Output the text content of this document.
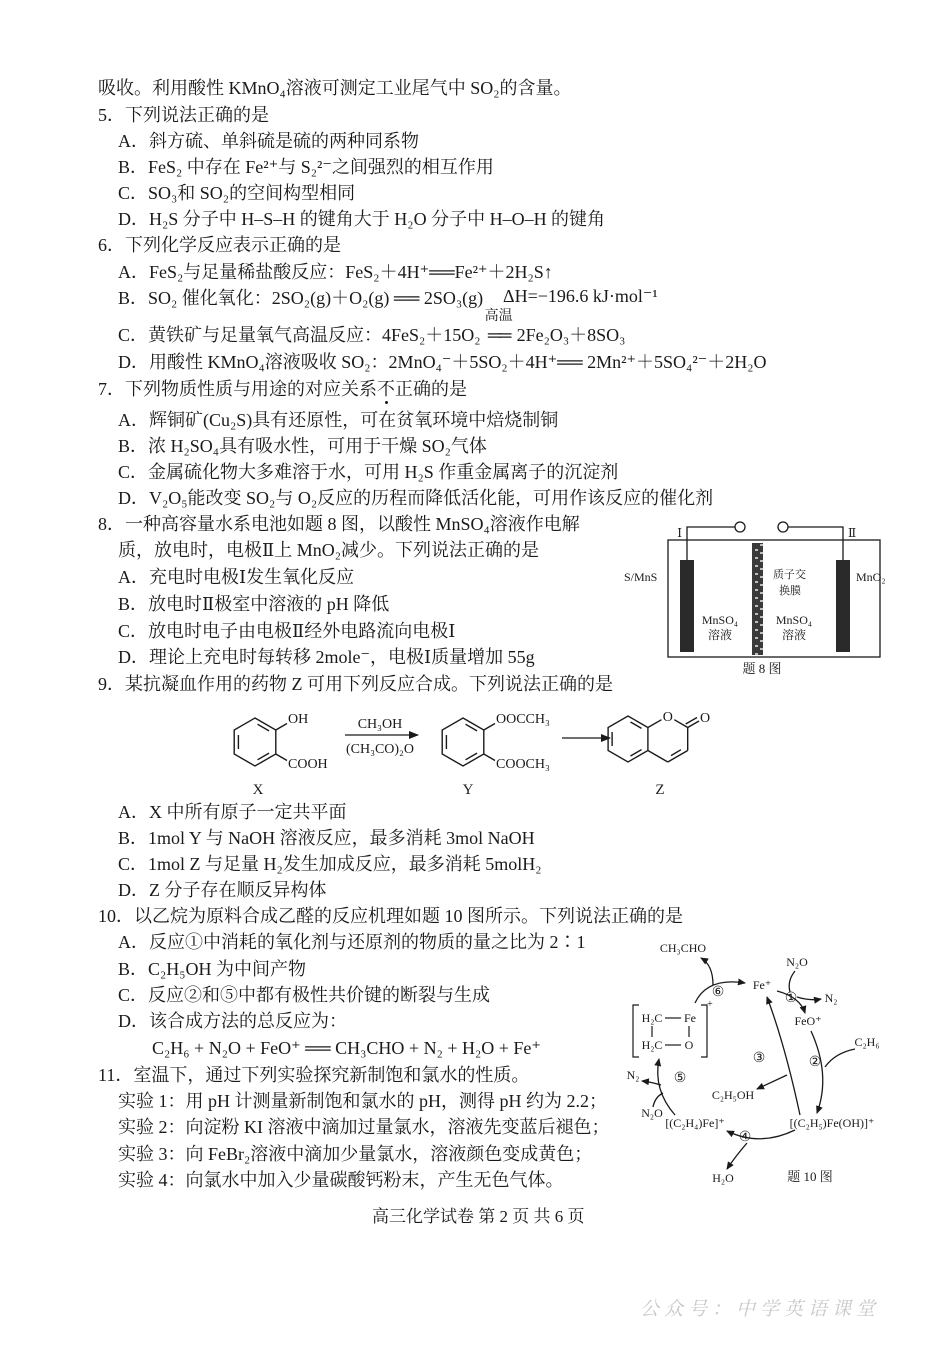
吸收。利用酸性 KMnO₄溶液可测定工业尾气中 SO₂的含量。
5．下列说法正确的是
A．斜方硫、单斜硫是硫的两种同系物
B．FeS₂ 中存在 Fe²⁺与 S₂²⁻之间强烈的相互作用
C．SO₃和 SO₂的空间构型相同
D．H₂S 分子中 H–S–H 的键角大于 H₂O 分子中 H–O–H 的键角
6．下列化学反应表示正确的是
A．FeS₂与足量稀盐酸反应：FeS₂＋4H⁺══Fe²⁺＋2H₂S↑
B．SO₂ 催化氧化：2SO₂(g)＋O₂(g) ══ 2SO₃(g) ΔH=−196.6 kJ·mol⁻¹
C．黄铁矿与足量氧气高温反应：4FeS₂＋15O₂
高温
══ 2Fe₂O₃＋8SO₃
D．用酸性 KMnO₄溶液吸收 SO₂：2MnO₄⁻＋5SO₂＋4H⁺══ 2Mn²⁺＋5SO₄²⁻＋2H₂O
7．下列物质性质与用途的对应关系不正确的是
A．辉铜矿(Cu₂S)具有还原性，可在贫氧环境中焙烧制铜
B．浓 H₂SO₄具有吸水性，可用于干燥 SO₂气体
C．金属硫化物大多难溶于水，可用 H₂S 作重金属离子的沉淀剂
D．V₂O₅能改变 SO₂与 O₂反应的历程而降低活化能，可用作该反应的催化剂
8．一种高容量水系电池如题 8 图，以酸性 MnSO₄溶液作电解
质，放电时，电极Ⅱ上 MnO₂减少。下列说法正确的是
A．充电时电极Ⅰ发生氧化反应
B．放电时Ⅱ极室中溶液的 pH 降低
C．放电时电子由电极Ⅱ经外电路流向电极Ⅰ
D．理论上充电时每转移 2mole⁻，电极Ⅰ质量增加 55g
Ⅰ	Ⅱ
S/MnS	质子交
换膜
MnO₂
MnSO₄
溶液
MnSO₄
溶液
题 8 图
9．某抗凝血作用的药物 Z 可用下列反应合成。下列说法正确的是
OH
COOH
X
CH₃OH
(CH₃CO)₂O
OOCCH₃
COOCH₃
Y
O O
Z
A．X 中所有原子一定共平面
B．1mol Y 与 NaOH 溶液反应，最多消耗 3mol NaOH
C．1mol Z 与足量 H₂发生加成反应，最多消耗 5molH₂
D．Z 分子存在顺反异构体
10．以乙烷为原料合成乙醛的反应机理如题 10 图所示。下列说法正确的是
A．反应①中消耗的氧化剂与还原剂的物质的量之比为 2∶1
B．C₂H₅OH 为中间产物
C．反应②和⑤中都有极性共价键的断裂与生成
D．该合成方法的总反应为：
C₂H₆ + N₂O + FeO⁺ ══ CH₃CHO + N₂ + H₂O + Fe⁺
H₂C Fe
H₂C O
+
CH₃CHO
N₂O
⑥ Fe⁺
① N₂
FeO⁺
C₂H₆
③	②
N₂ ⑤
C₂H₅OH
N₂O
[(C₂H₄)Fe]⁺	[(C₂H₅)Fe(OH)]⁺
④
H₂O	题 10 图
11．室温下，通过下列实验探究新制饱和氯水的性质。
实验 1：用 pH 计测量新制饱和氯水的 pH，测得 pH 约为 2.2；
实验 2：向淀粉 KI 溶液中滴加过量氯水，溶液先变蓝后褪色；
实验 3：向 FeBr₂溶液中滴加少量氯水，溶液颜色变成黄色；
实验 4：向氯水中加入少量碳酸钙粉末，产生无色气体。
高三化学试卷 第 2 页 共 6 页
公众号：中学英语课堂
